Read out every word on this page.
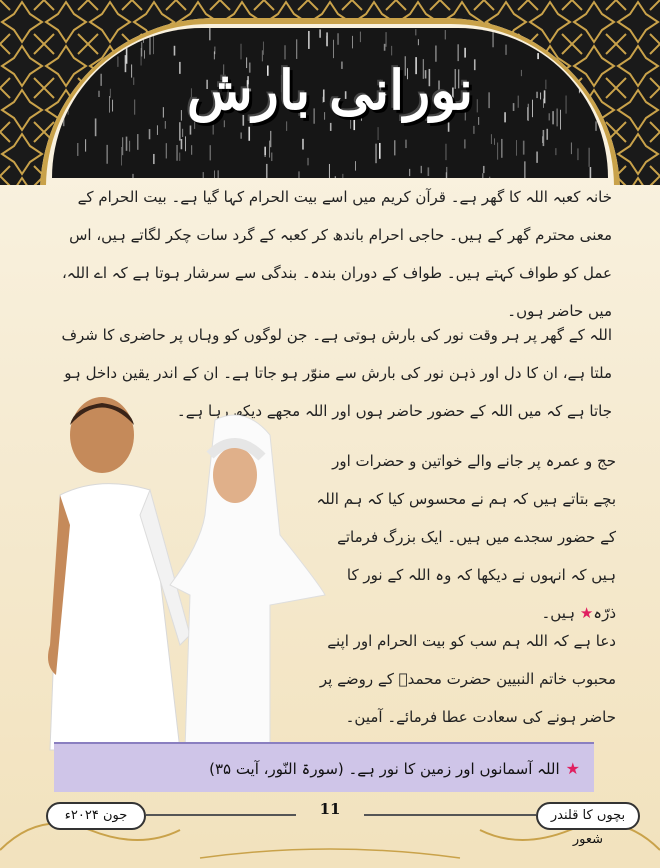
نورانی بارش
خانہ کعبہ اللہ کا گھر ہے۔ قرآن کریم میں اسے بیت الحرام کہا گیا ہے۔ بیت الحرام کے معنی محترم گھر کے ہیں۔ حاجی احرام باندھ کر کعبہ کے گرد سات چکر لگاتے ہیں، اس عمل کو طواف کہتے ہیں۔ طواف کے دوران بندہ۔ بندگی سے سرشار ہوتا ہے کہ اے اللہ، میں حاضر ہوں۔
اللہ کے گھر پر ہر وقت نور کی بارش ہوتی ہے۔ جن لوگوں کو وہاں پر حاضری کا شرف ملتا ہے، ان کا دل اور ذہن نور کی بارش سے منوّر ہو جاتا ہے۔ ان کے اندر یقین داخل ہو جاتا ہے کہ میں اللہ کے حضور حاضر ہوں اور اللہ مجھے دیکھ رہا ہے۔
حج و عمرہ پر جانے والے خواتین و حضرات اور بچے بتاتے ہیں کہ ہم نے محسوس کیا کہ ہم اللہ کے حضور سجدے میں ہیں۔ ایک بزرگ فرماتے ہیں کہ انہوں نے دیکھا کہ وہ اللہ کے نور کا ذرّہ★ ہیں۔
دعا ہے کہ اللہ ہم سب کو بیت الحرام اور اپنے محبوب خاتم النبیین حضرت محمدؐ کے روضے پر حاضر ہونے کی سعادت عطا فرمائے۔ آمین۔
★اللہ آسمانوں اور زمین کا نور ہے۔ (سورۃ النّور، آیت ۳۵)
بچوں کا قلندر شعور
11
جون ۲۰۲۴ء
